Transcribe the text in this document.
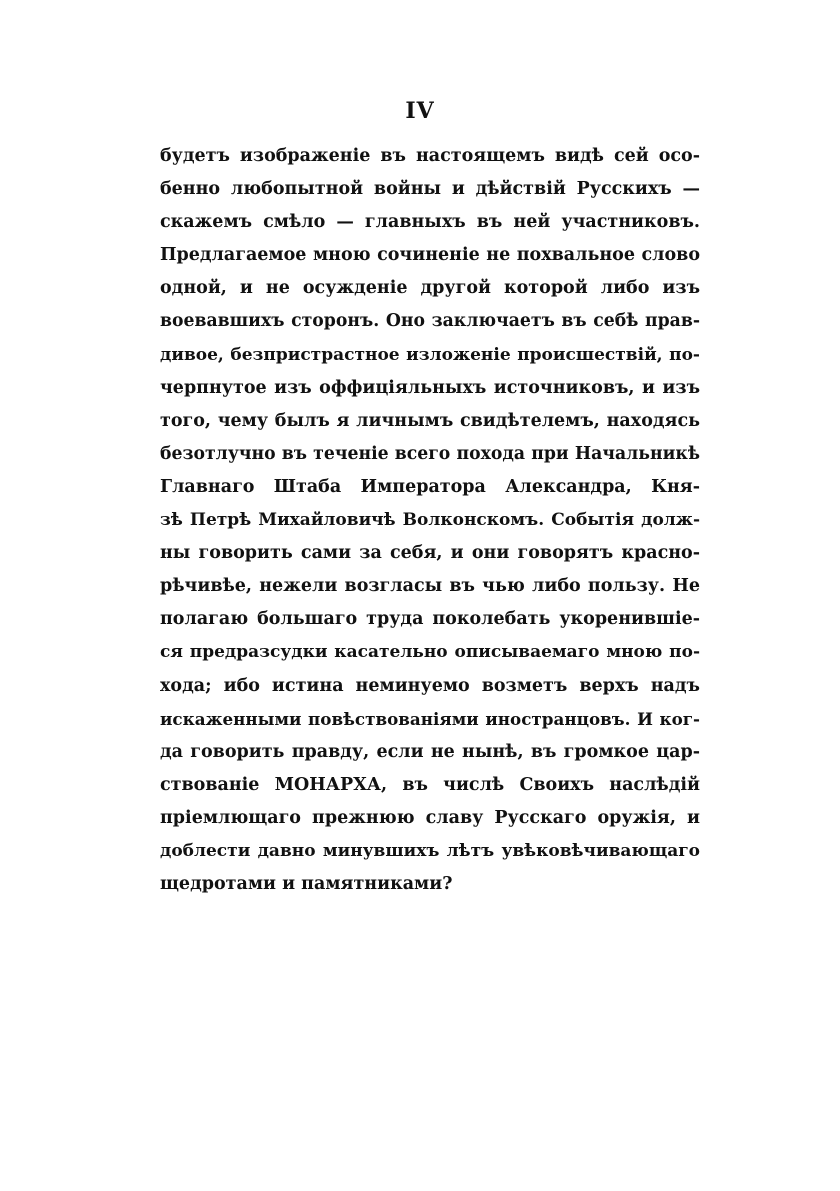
IV
будетъ изображеніе въ настоящемъ видѣ сей осо-
бенно любопытной войны и дѣйствій Русскихъ —
скажемъ смѣло — главныхъ въ ней участниковъ.
Предлагаемое мною сочиненіе не похвальное слово
одной, и не осужденіе другой которой либо изъ
воевавшихъ сторонъ. Оно заключаетъ въ себѣ прав-
дивое, безпристрастное изложеніе происшествій, по-
черпнутое изъ оффиціяльныхъ источниковъ, и изъ
того, чему былъ я личнымъ свидѣтелемъ, находясь
безотлучно въ теченіе всего похода при Начальникѣ
Главнаго Штаба Императора Александра, Кня-
зѣ Петрѣ Михайловичѣ Волконскомъ. Событія долж-
ны говорить сами за себя, и они говорятъ красно-
рѣчивѣе, нежели возгласы въ чью либо пользу. Не
полагаю большаго труда поколебать укоренившіе-
ся предразсудки касательно описываемаго мною по-
хода; ибо истина неминуемо возметъ верхъ надъ
искаженными повѣствованіями иностранцовъ. И ког-
да говорить правду, если не нынѣ, въ громкое цар-
ствованіе МОНАРХА, въ числѣ Своихъ наслѣдій
пріемлющаго прежнюю славу Русскаго оружія, и
доблести давно минувшихъ лѣтъ увѣковѣчивающаго
щедротами и памятниками?
